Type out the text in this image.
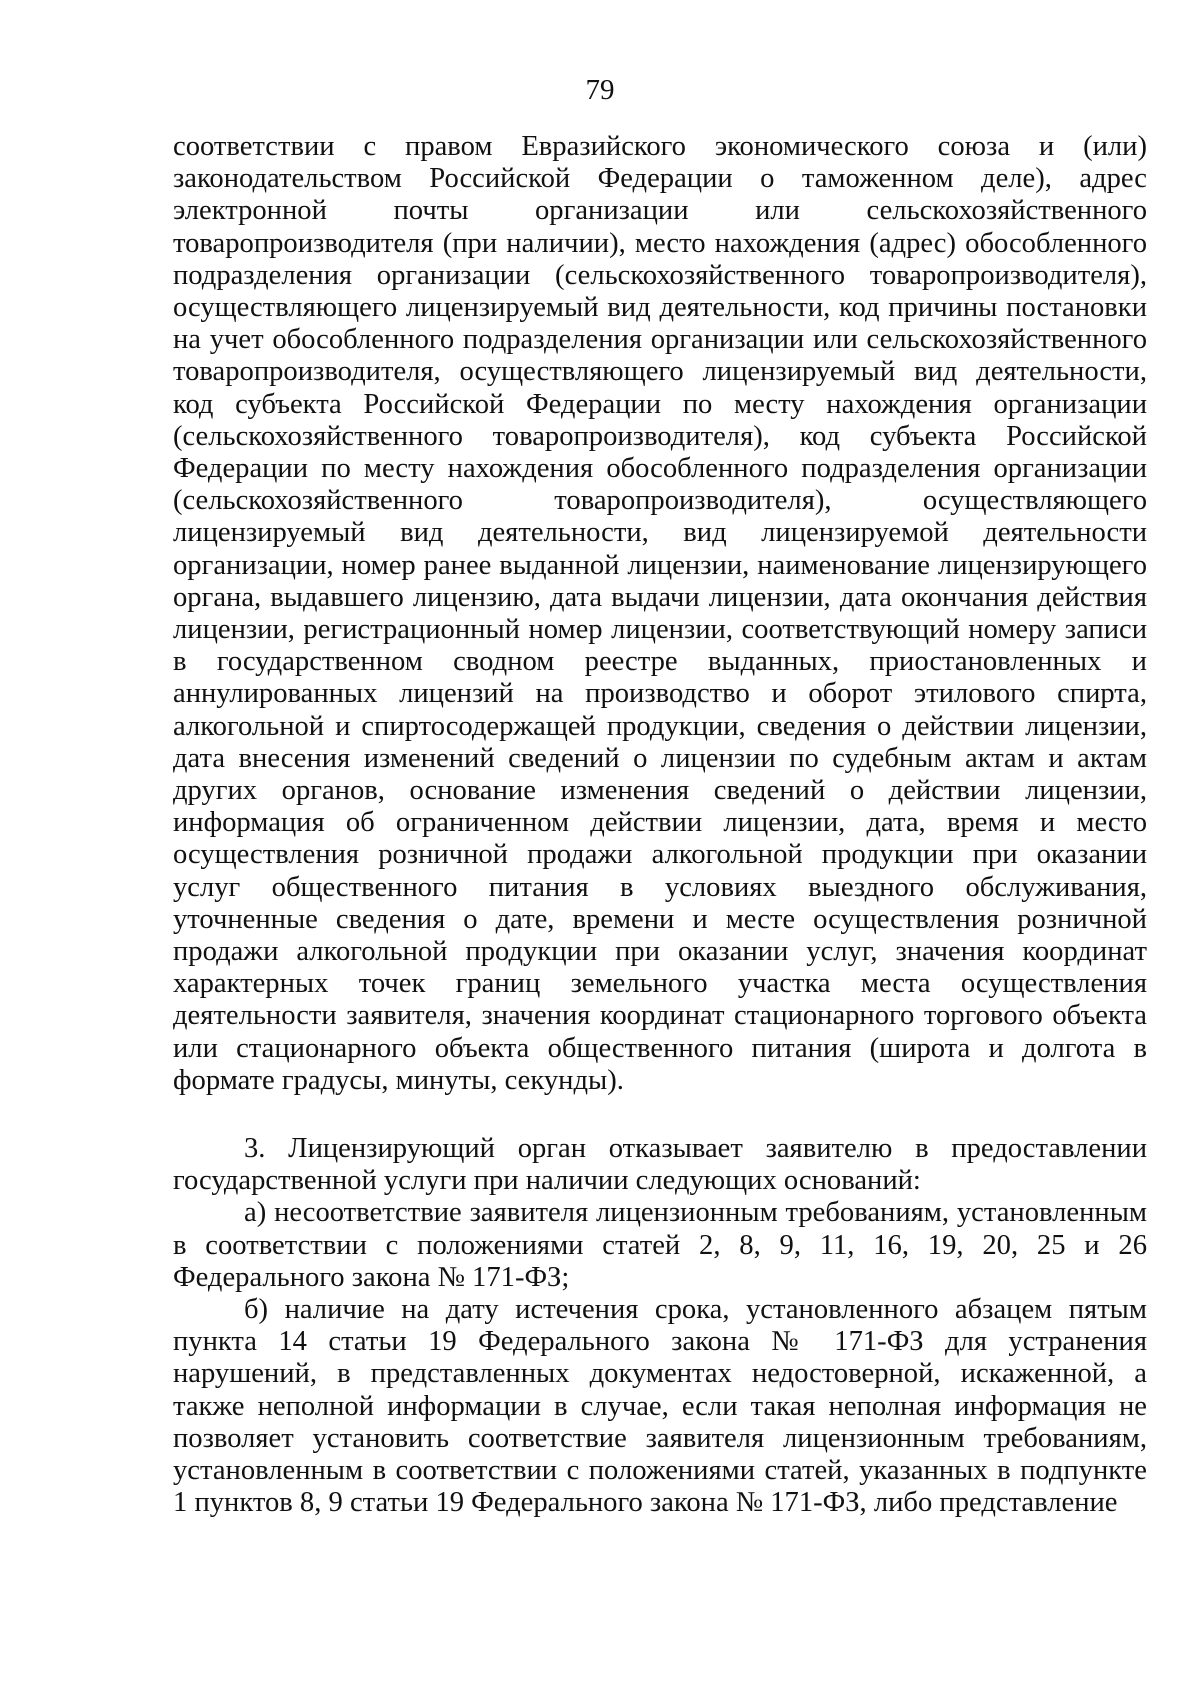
79

соответствии с правом Евразийского экономического союза и (или) законодательством Российской Федерации о таможенном деле), адрес электронной почты организации или сельскохозяйственного товаропроизводителя (при наличии), место нахождения (адрес) обособленного подразделения организации (сельскохозяйственного товаропроизводителя), осуществляющего лицензируемый вид деятельности, код причины постановки на учет обособленного подразделения организации или сельскохозяйственного товаропроизводителя, осуществляющего лицензируемый вид деятельности, код субъекта Российской Федерации по месту нахождения организации (сельскохозяйственного товаропроизводителя), код субъекта Российской Федерации по месту нахождения обособленного подразделения организации (сельскохозяйственного товаропроизводителя), осуществляющего лицензируемый вид деятельности, вид лицензируемой деятельности организации, номер ранее выданной лицензии, наименование лицензирующего органа, выдавшего лицензию, дата выдачи лицензии, дата окончания действия лицензии, регистрационный номер лицензии, соответствующий номеру записи в государственном сводном реестре выданных, приостановленных и аннулированных лицензий на производство и оборот этилового спирта, алкогольной и спиртосодержащей продукции, сведения о действии лицензии, дата внесения изменений сведений о лицензии по судебным актам и актам других органов, основание изменения сведений о действии лицензии, информация об ограниченном действии лицензии, дата, время и место осуществления розничной продажи алкогольной продукции при оказании услуг общественного питания в условиях выездного обслуживания, уточненные сведения о дате, времени и месте осуществления розничной продажи алкогольной продукции при оказании услуг, значения координат характерных точек границ земельного участка места осуществления деятельности заявителя, значения координат стационарного торгового объекта или стационарного объекта общественного питания (широта и долгота в формате градусы, минуты, секунды).

3. Лицензирующий орган отказывает заявителю в предоставлении государственной услуги при наличии следующих оснований:

а) несоответствие заявителя лицензионным требованиям, установленным в соответствии с положениями статей 2, 8, 9, 11, 16, 19, 20, 25 и 26 Федерального закона № 171-ФЗ;

б) наличие на дату истечения срока, установленного абзацем пятым пункта 14 статьи 19 Федерального закона № 171-ФЗ для устранения нарушений, в представленных документах недостоверной, искаженной, а также неполной информации в случае, если такая неполная информация не позволяет установить соответствие заявителя лицензионным требованиям, установленным в соответствии с положениями статей, указанных в подпункте 1 пунктов 8, 9 статьи 19 Федерального закона № 171-ФЗ, либо представление
